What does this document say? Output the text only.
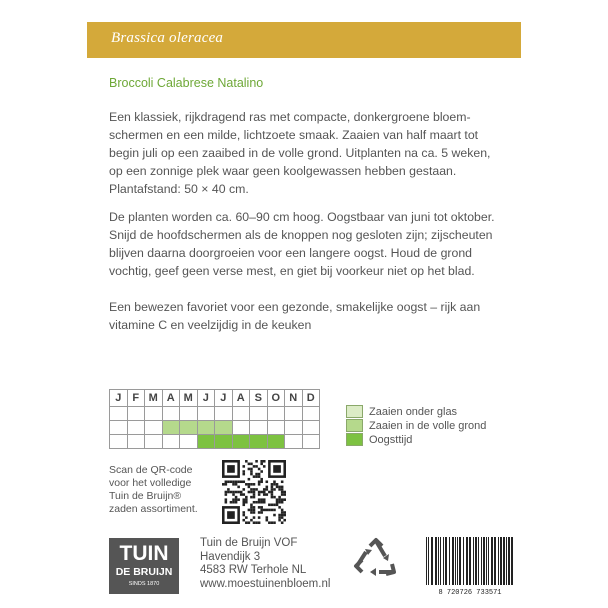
Brassica oleracea
Broccoli Calabrese Natalino
Een klassiek, rijkdragend ras met compacte, donkergroene bloem-
schermen en een milde, lichtzoete smaak. Zaaien van half maart tot
begin juli op een zaaibed in de volle grond. Uitplanten na ca. 5 weken,
op een zonnige plek waar geen koolgewassen hebben gestaan.
Plantafstand: 50 × 40 cm.
De planten worden ca. 60–90 cm hoog. Oogstbaar van juni tot oktober.
Snijd de hoofdschermen als de knoppen nog gesloten zijn; zijscheuten
blijven daarna doorgroeien voor een langere oogst. Houd de grond
vochtig, geef geen verse mest, en giet bij voorkeur niet op het blad.
Een bewezen favoriet voor een gezonde, smakelijke oogst – rijk aan
vitamine C en veelzijdig in de keuken
J	F	M	A	M	J	J	A	S	O	N	D

Zaaien onder glas
Zaaien in de volle grond
Oogsttijd
Scan de QR-code
voor het volledige
Tuin de Bruijn®
zaden assortiment.
TUIN
DE BRUIJN
SINDS 1870
Tuin de Bruijn VOF
Havendijk 3
4583 RW Terhole NL
www.moestuinenbloem.nl
8 720726 733571
